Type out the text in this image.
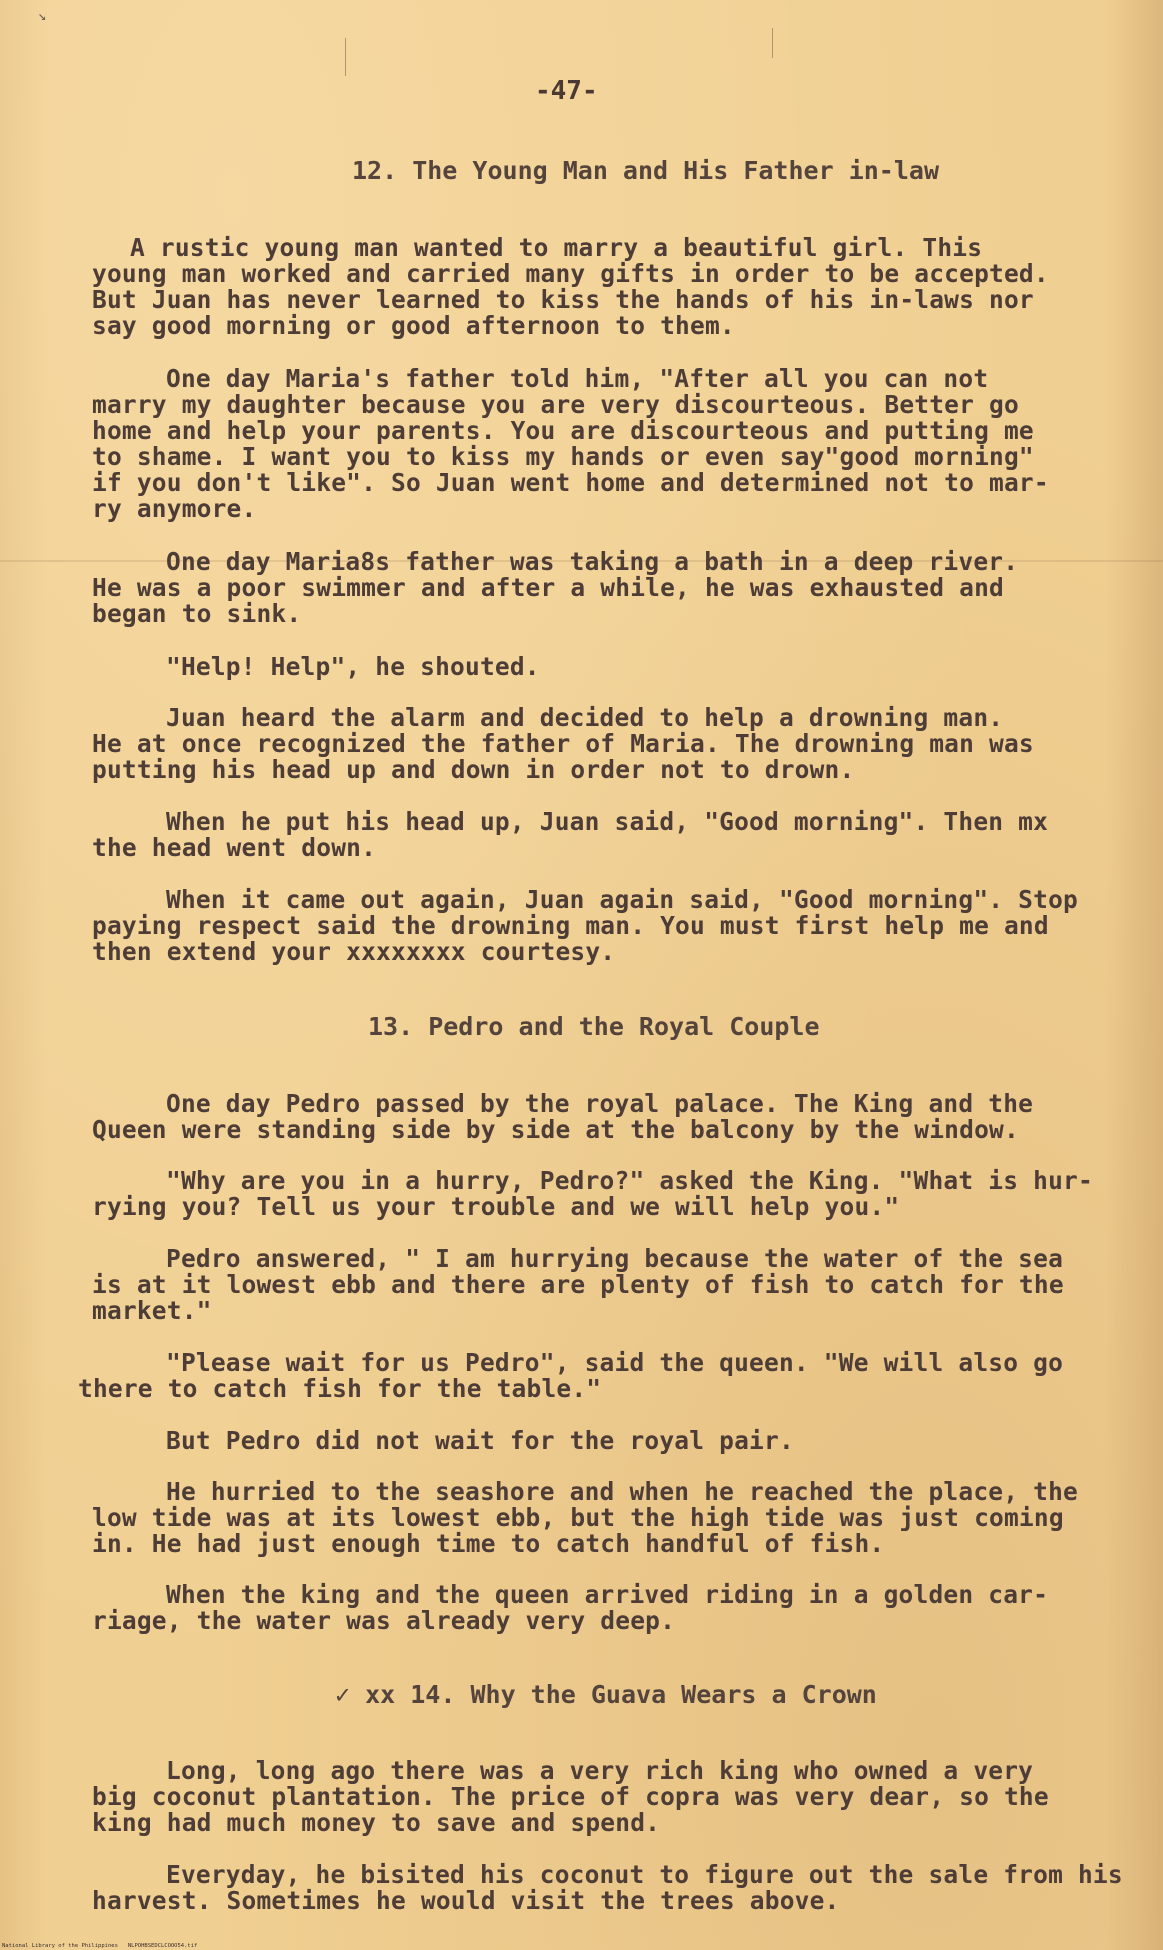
↘
-47-
12. The Young Man and His Father in-law
A rustic young man wanted to marry a beautiful girl. This
young man worked and carried many gifts in order to be accepted.
But Juan has never learned to kiss the hands of his in-laws nor
say good morning or good afternoon to them.
One day Maria's father told him, "After all you can not
marry my daughter because you are very discourteous. Better go
home and help your parents. You are discourteous and putting me
to shame. I want you to kiss my hands or even say"good morning"
if you don't like". So Juan went home and determined not to mar-
ry anymore.
One day Maria8s father was taking a bath in a deep river.
He was a poor swimmer and after a while, he was exhausted and
began to sink.
"Help! Help", he shouted.
Juan heard the alarm and decided to help a drowning man.
He at once recognized the father of Maria. The drowning man was
putting his head up and down in order not to drown.
When he put his head up, Juan said, "Good morning". Then mx
the head went down.
When it came out again, Juan again said, "Good morning". Stop
paying respect said the drowning man. You must first help me and
then extend your xxxxxxxx courtesy.
13. Pedro and the Royal Couple
One day Pedro passed by the royal palace. The King and the
Queen were standing side by side at the balcony by the window.
"Why are you in a hurry, Pedro?" asked the King. "What is hur-
rying you? Tell us your trouble and we will help you."
Pedro answered, " I am hurrying because the water of the sea
is at it lowest ebb and there are plenty of fish to catch for the
market."
"Please wait for us Pedro", said the queen. "We will also go
there to catch fish for the table."
But Pedro did not wait for the royal pair.
He hurried to the seashore and when he reached the place, the
low tide was at its lowest ebb, but the high tide was just coming
in. He had just enough time to catch handful of fish.
When the king and the queen arrived riding in a golden car-
riage, the water was already very deep.
✓ xx 14. Why the Guava Wears a Crown
Long, long ago there was a very rich king who owned a very
big coconut plantation. The price of copra was very dear, so the
king had much money to save and spend.
Everyday, he bisited his coconut to figure out the sale from his
harvest. Sometimes he would visit the trees above.
National Library of the Philippines   NLPOHBSEDCLCOOO54.tif
